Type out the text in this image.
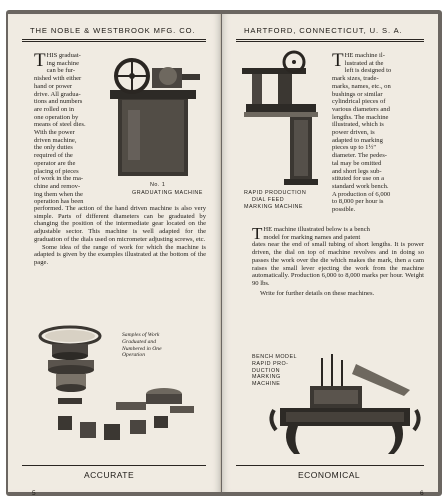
THE NOBLE & WESTBROOK MFG. CO.
T HIS graduat-
ing machine
can be fur-
nished with either
hand or power
drive. All gradua-
tions and numbers
are rolled on in
one operation by
means of steel dies.
With the power
driven machine,
the only duties
required of the
operator are the
placing of pieces
of work in the ma-
chine and remov-
ing them when the
operation has been
No. 1
GRADUATING MACHINE

performed. The action of the hand driven machine is also very simple. Parts of different diameters can be graduated by changing the position of the intermediate gear located on the adjustable sector. This machine is well adapted for the graduation of the dials used on micrometer adjusting screws, etc.

Some idea of the range of work for which the machine is adapted is given by the examples illustrated at the bottom of the page.

Samples of Work
Graduated and
Numbered in One
Operation
ACCURATE
5
HARTFORD, CONNECTICUT, U. S. A.
RAPID PRODUCTION
DIAL FEED
MARKING MACHINE
T HE machine il-
lustrated at the
left is designed to
mark sizes, trade-
marks, names, etc., on
bushings or similar
cylindrical pieces of
various diameters and
lengths. The machine
illustrated, which is
power driven, is
adapted to marking
pieces up to 1½"
diameter. The pedes-
tal may be omitted
and short legs sub-
stituted for use on a
standard work bench.
A production of 6,000
to 8,000 per hour is
possible.
T HE machine illustrated below is a bench
model for marking names and patent
dates near the end of small tubing of short lengths. It is power driven, the dial on top of machine revolves and in doing so passes the work over the die which makes the mark, then a cam raises the small lever ejecting the work from the machine automatically. Production 6,000 to 8,000 marks per hour. Weight 90 lbs.
Write for further details on these machines.
BENCH MODEL
RAPID PRO-
DUCTION
MARKING
MACHINE
ECONOMICAL
6
